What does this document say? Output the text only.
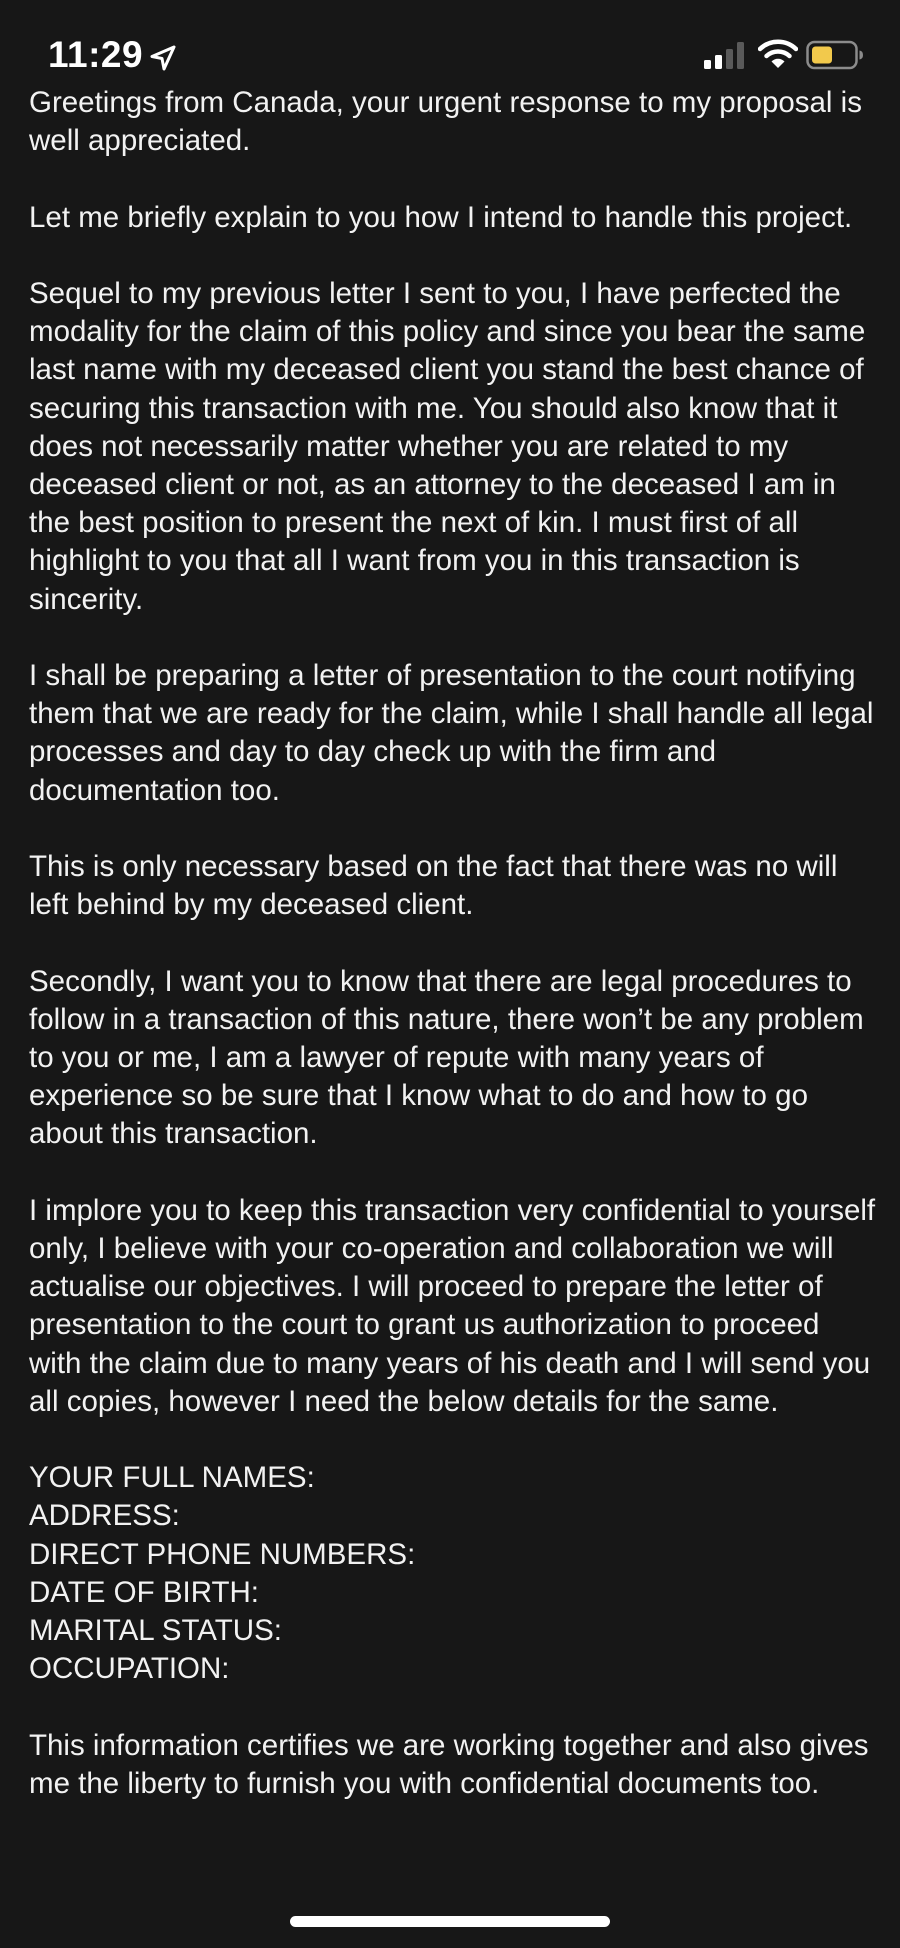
11:29

Greetings from Canada, your urgent response to my proposal is well appreciated.

Let me briefly explain to you how I intend to handle this project.

Sequel to my previous letter I sent to you, I have perfected the modality for the claim of this policy and since you bear the same last name with my deceased client you stand the best chance of securing this transaction with me. You should also know that it does not necessarily matter whether you are related to my deceased client or not, as an attorney to the deceased I am in the best position to present the next of kin. I must first of all highlight to you that all I want from you in this transaction is sincerity.

I shall be preparing a letter of presentation to the court notifying them that we are ready for the claim, while I shall handle all legal processes and day to day check up with the firm and documentation too.

This is only necessary based on the fact that there was no will left behind by my deceased client.

Secondly, I want you to know that there are legal procedures to follow in a transaction of this nature, there won’t be any problem to you or me, I am a lawyer of repute with many years of experience so be sure that I know what to do and how to go about this transaction.

I implore you to keep this transaction very confidential to yourself only, I believe with your co-operation and collaboration we will actualise our objectives. I will proceed to prepare the letter of presentation to the court to grant us authorization to proceed with the claim due to many years of his death and I will send you all copies, however I need the below details for the same.

YOUR FULL NAMES:
ADDRESS:
DIRECT PHONE NUMBERS:
DATE OF BIRTH:
MARITAL STATUS:
OCCUPATION:

This information certifies we are working together and also gives me the liberty to furnish you with confidential documents too.
